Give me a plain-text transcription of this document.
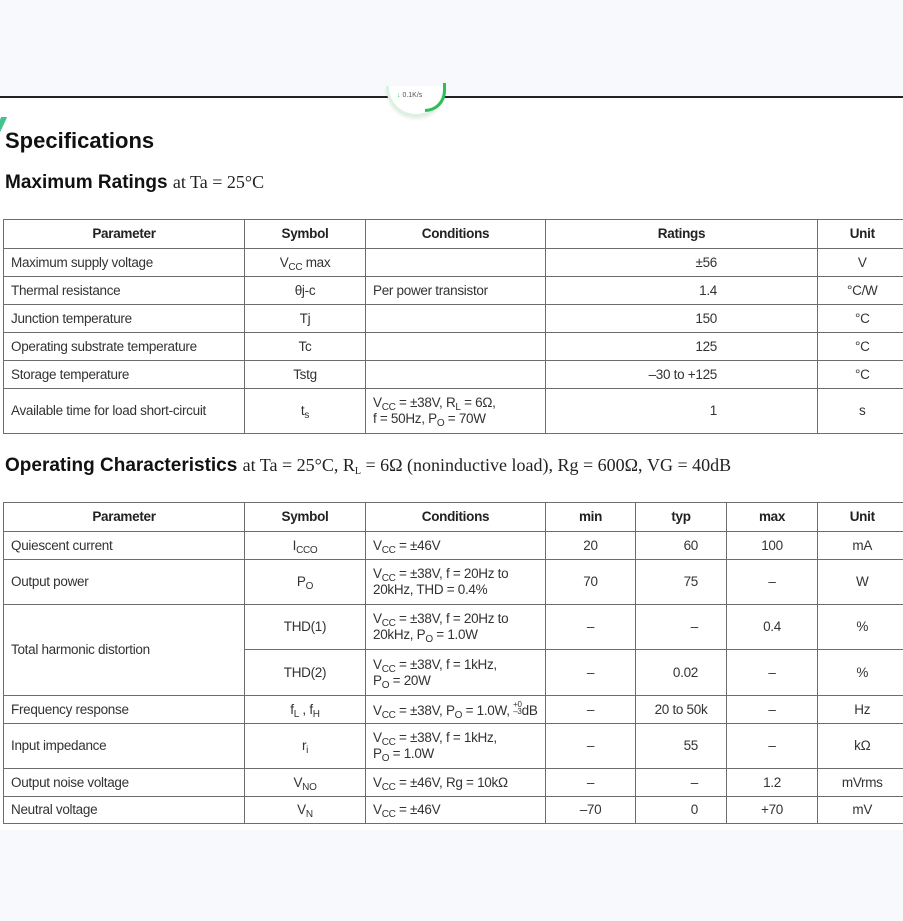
↓ 0.1K/s
Specifications
Maximum Ratings at Ta = 25°C
Parameter	Symbol	Conditions	Ratings	Unit
Maximum supply voltage	$V_{CC}$ max		±56	V
Thermal resistance	θj-c	Per power transistor	1.4	°C/W
Junction temperature	Tj		150	°C
Operating substrate temperature	Tc		125	°C
Storage temperature	Tstg		–30 to +125	°C
Available time for load short-circuit	$t_s$	$V_{CC} = \pm 38V$, $R_L = 6\Omega$,
f = 50Hz, $P_O = 70W$	1	s
Operating Characteristics at Ta = 25°C, $R_L = 6\Omega$ (noninductive load), Rg = 600Ω, VG = 40dB
Parameter	Symbol	Conditions	min	typ	max	Unit
Quiescent current	$I_{CCO}$	$V_{CC} = \pm 46V$	20	60	100	mA
Output power	$P_O$	$V_{CC} = \pm 38V$, f = 20Hz to
20kHz, THD = 0.4%	70	75	–	W
Total harmonic distortion	THD(1)	$V_{CC} = \pm 38V$, f = 20Hz to
20kHz, $P_O = 1.0W$	–	–	0.4	%
	THD(2)	$V_{CC} = \pm 38V$, f = 1kHz,
$P_O = 20W$	–	0.02	–	%
Frequency response	$f_L$ , $f_H$	$V_{CC} = \pm 38V$, $P_O = 1.0W$, +0
–3dB	–	20 to 50k	–	Hz
Input impedance	$r_i$	$V_{CC} = \pm 38V$, f = 1kHz,
$P_O = 1.0W$	–	55	–	kΩ
Output noise voltage	$V_{NO}$	$V_{CC} = \pm 46V$, Rg = 10kΩ	–	–	1.2	mVrms
Neutral voltage	$V_N$	$V_{CC} = \pm 46V$	–70	0	+70	mV
